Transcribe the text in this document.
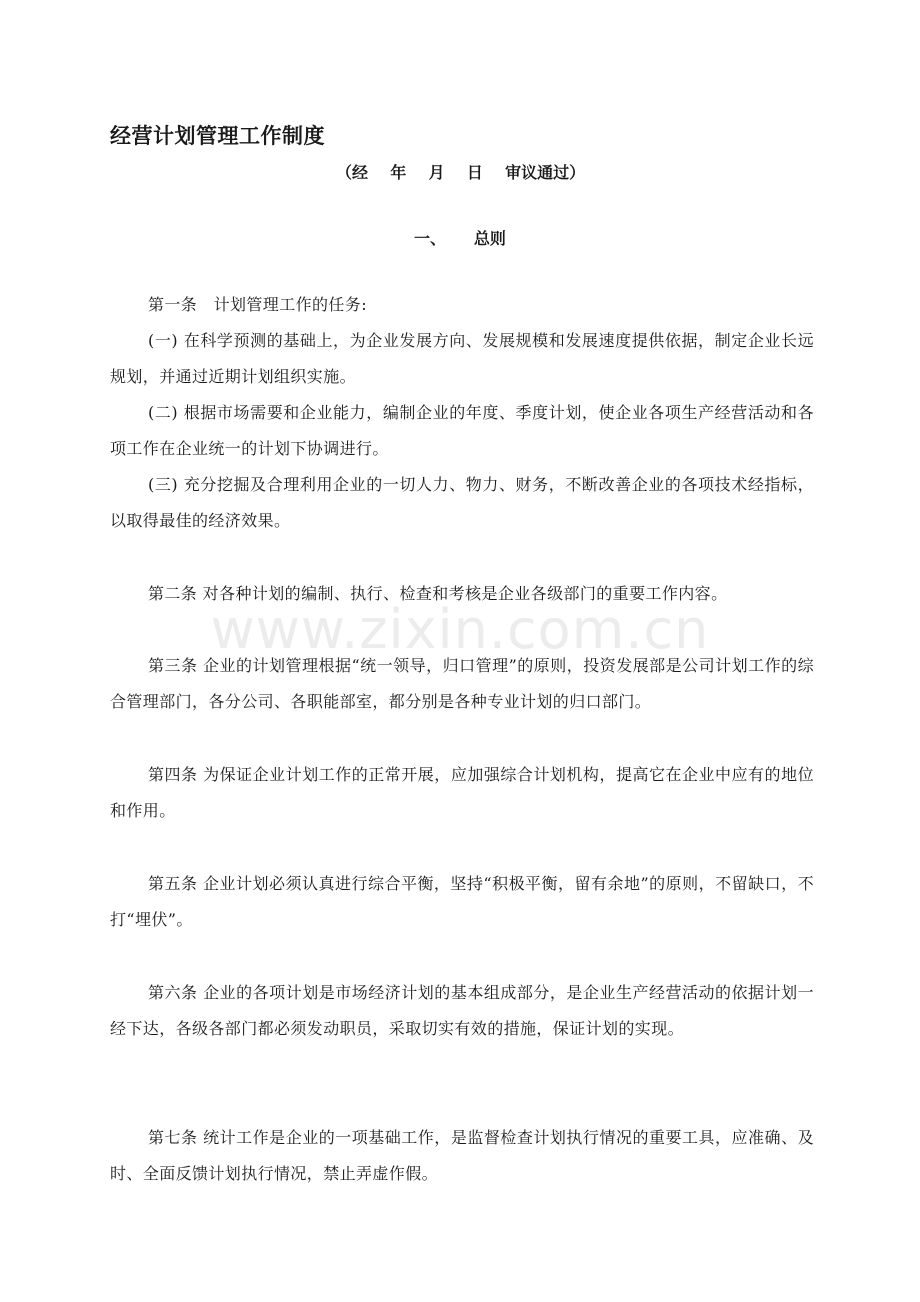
经营计划管理工作制度
（经    年    月    日    审议通过）
一、     总则

第一条　计划管理工作的任务:

(一) 在科学预测的基础上，为企业发展方向、发展规模和发展速度提供依据，制定企业长远规划，并通过近期计划组织实施。

(二) 根据市场需要和企业能力，编制企业的年度、季度计划，使企业各项生产经营活动和各项工作在企业统一的计划下协调进行。

(三) 充分挖掘及合理利用企业的一切人力、物力、财务，不断改善企业的各项技术经指标，以取得最佳的经济效果。

第二条 对各种计划的编制、执行、检查和考核是企业各级部门的重要工作内容。

www.zixin.com.cn

第三条 企业的计划管理根据“统一领导，归口管理”的原则，投资发展部是公司计划工作的综合管理部门，各分公司、各职能部室，都分别是各种专业计划的归口部门。

第四条 为保证企业计划工作的正常开展，应加强综合计划机构，提高它在企业中应有的地位和作用。

第五条 企业计划必须认真进行综合平衡，坚持“积极平衡，留有余地”的原则，不留缺口，不打“埋伏”。

第六条 企业的各项计划是市场经济计划的基本组成部分，是企业生产经营活动的依据计划一经下达，各级各部门都必须发动职员，采取切实有效的措施，保证计划的实现。

第七条 统计工作是企业的一项基础工作，是监督检查计划执行情况的重要工具，应准确、及时、全面反馈计划执行情况，禁止弄虚作假。
